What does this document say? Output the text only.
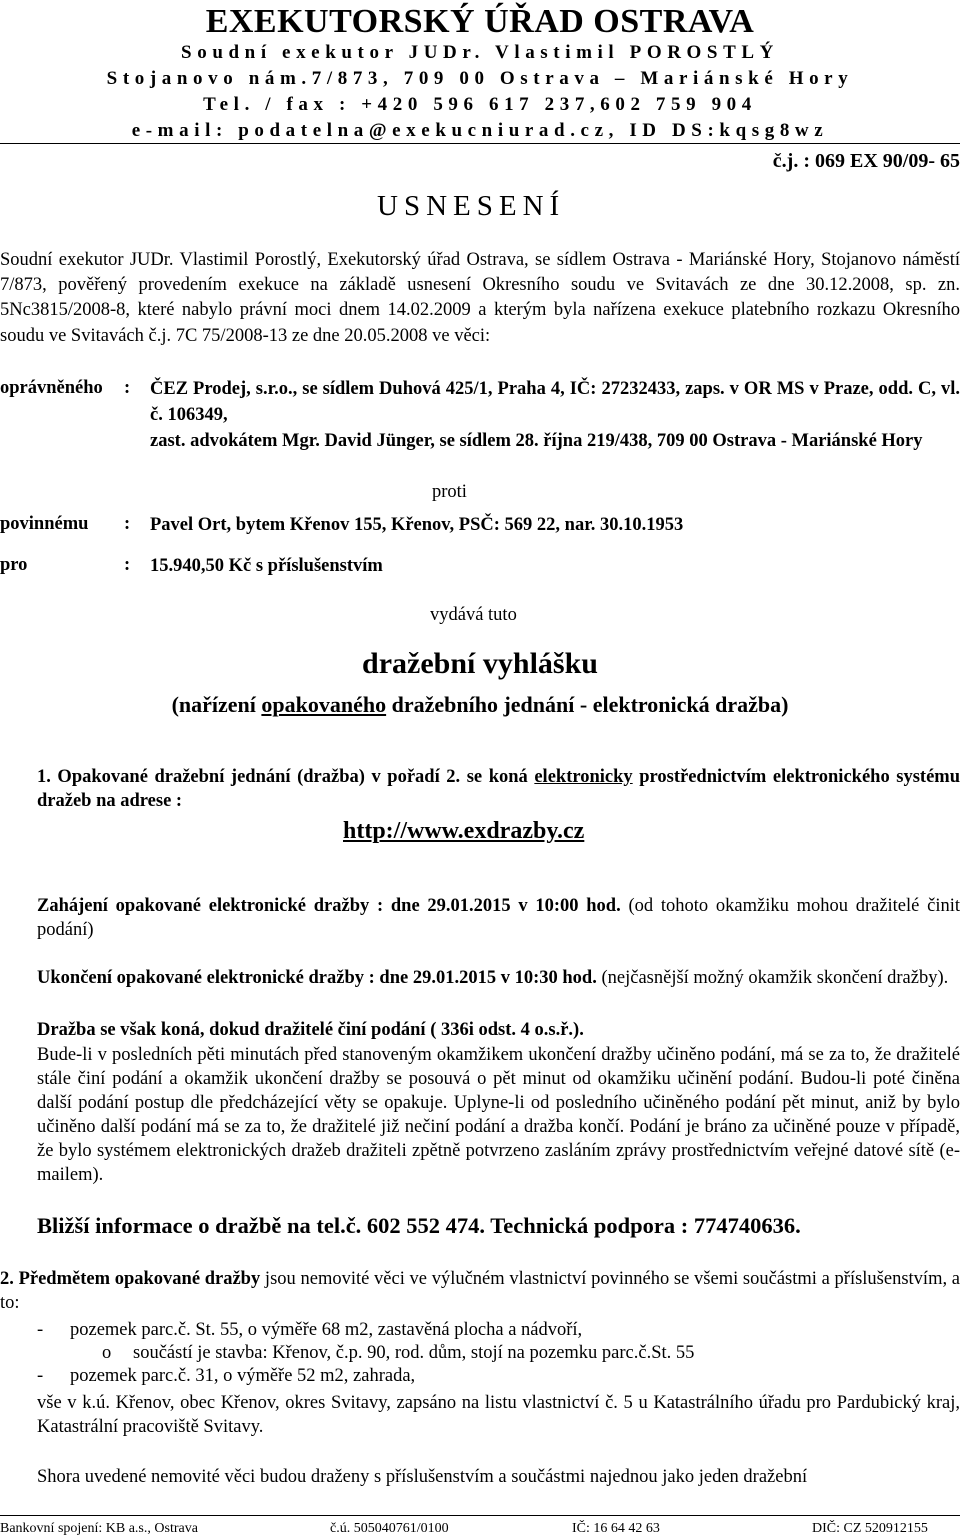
EXEKUTORSKÝ ÚŘAD OSTRAVA
Soudní exekutor JUDr. Vlastimil POROSTLÝ
Stojanovo nám.7/873, 709 00 Ostrava – Mariánské Hory
Tel. / fax : +420 596 617 237,602 759 904
e-mail: podatelna@exekucniurad.cz, ID DS:kqsg8wz
č.j. : 069 EX 90/09- 65
USNESENÍ
Soudní exekutor JUDr. Vlastimil Porostlý, Exekutorský úřad Ostrava, se sídlem Ostrava - Mariánské Hory, Stojanovo náměstí 7/873, pověřený provedením exekuce na základě usnesení Okresního soudu ve Svitavách ze dne 30.12.2008, sp. zn. 5Nc3815/2008-8, které nabylo právní moci dnem 14.02.2009 a kterým byla nařízena exekuce platebního rozkazu Okresního soudu ve Svitavách č.j. 7C 75/2008-13 ze dne 20.05.2008 ve věci:
oprávněného : ČEZ Prodej, s.r.o., se sídlem Duhová 425/1, Praha 4, IČ: 27232433, zaps. v OR MS v Praze, odd. C, vl. č. 106349,
zast. advokátem Mgr. David Jünger, se sídlem 28. října 219/438, 709 00 Ostrava - Mariánské Hory
proti
povinnému : Pavel Ort, bytem Křenov 155, Křenov, PSČ: 569 22, nar. 30.10.1953
pro	: 15.940,50 Kč s příslušenstvím
vydává tuto
dražební vyhlášku
(nařízení opakovaného dražebního jednání - elektronická dražba)
1. Opakované dražební jednání (dražba) v pořadí 2. se koná elektronicky prostřednictvím elektronického systému dražeb na adrese :
http://www.exdrazby.cz
Zahájení opakované elektronické dražby : dne 29.01.2015 v 10:00 hod. (od tohoto okamžiku mohou dražitelé činit podání)
Ukončení opakované elektronické dražby : dne 29.01.2015 v 10:30 hod. (nejčasnější možný okamžik skončení dražby).
Dražba se však koná, dokud dražitelé činí podání ( 336i odst. 4 o.s.ř.).
Bude-li v posledních pěti minutách před stanoveným okamžikem ukončení dražby učiněno podání, má se za to, že dražitelé stále činí podání a okamžik ukončení dražby se posouvá o pět minut od okamžiku učinění podání. Budou-li poté činěna další podání postup dle předcházející věty se opakuje. Uplyne-li od posledního učiněného podání pět minut, aniž by bylo učiněno další podání má se za to, že dražitelé již nečiní podání a dražba končí. Podání je bráno za učiněné pouze v případě, že bylo systémem elektronických dražeb dražiteli zpětně potvrzeno zasláním zprávy prostřednictvím veřejné datové sítě (e-mailem).
Bližší informace o dražbě na tel.č. 602 552 474. Technická podpora : 774740636.
2. Předmětem opakované dražby jsou nemovité věci ve výlučném vlastnictví povinného se všemi součástmi a příslušenstvím, a to:
- pozemek parc.č. St. 55, o výměře 68 m2, zastavěná plocha a nádvoří,
o součástí je stavba: Křenov, č.p. 90, rod. dům, stojí na pozemku parc.č.St. 55
- pozemek parc.č. 31, o výměře 52 m2, zahrada,
vše v k.ú. Křenov, obec Křenov, okres Svitavy, zapsáno na listu vlastnictví č. 5 u Katastrálního úřadu pro Pardubický kraj, Katastrální pracoviště Svitavy.
Shora uvedené nemovité věci budou draženy s příslušenstvím a součástmi najednou jako jeden dražební
Bankovní spojení: KB a.s., Ostrava	č.ú. 505040761/0100	IČ: 16 64 42 63	DIČ: CZ 520912155
